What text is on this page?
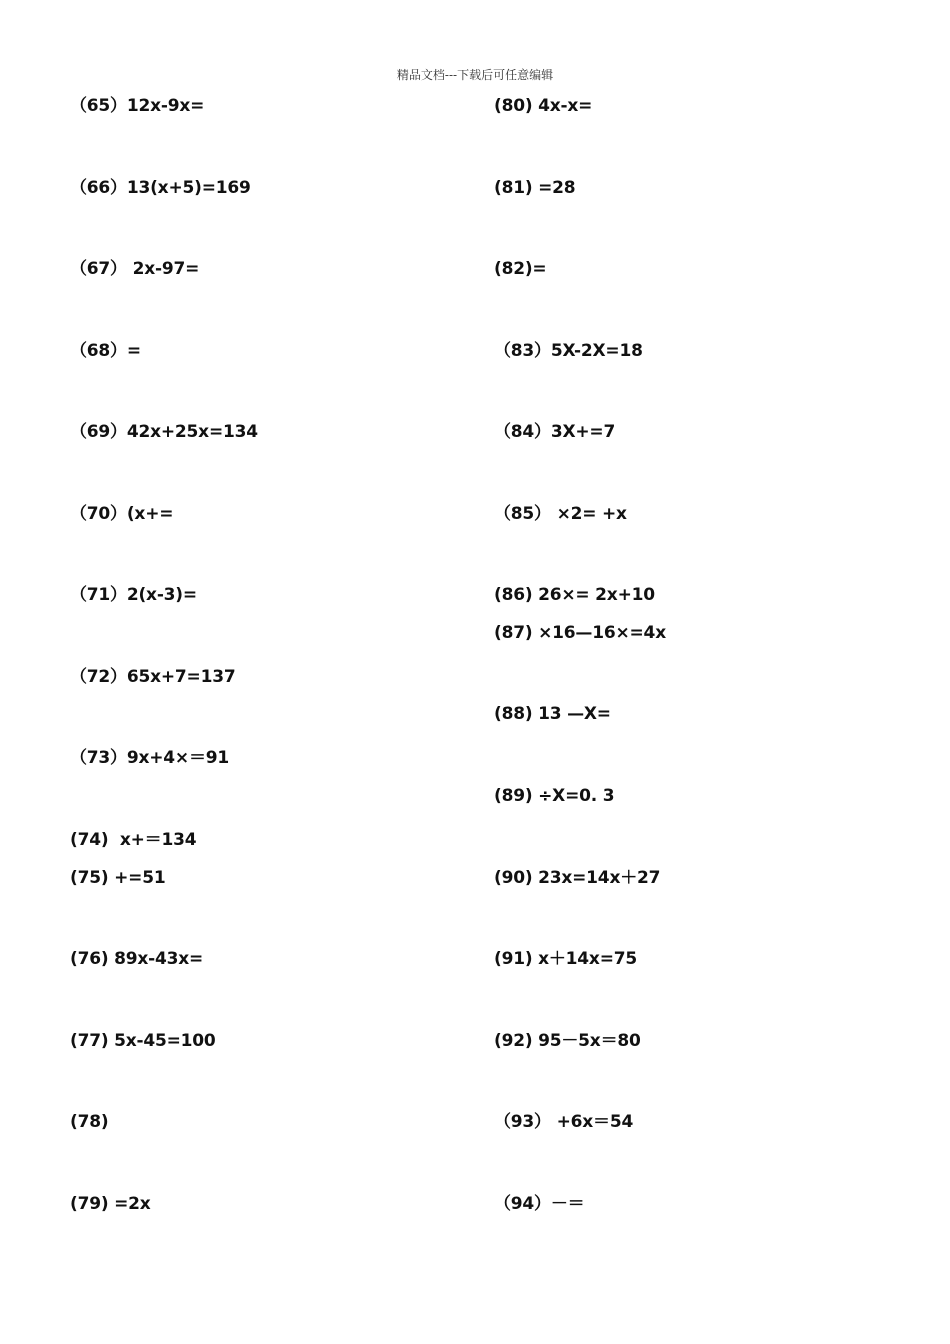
精品文档---下载后可任意编辑
（65）12x-9x=
（66）13(x+5)=169
（67） 2x-97=
（68）=
（69）42x+25x=134
（70）(x+=
（71）2(x-3)=
（72）65x+7=137
（73）9x+4×＝91
(74)  x+＝134
(75) +=51
(76) 89x-43x=
(77) 5x-45=100
(78)
(79) =2x
(80) 4x-x=
(81) =28
(82)=
（83）5X-2X=18
（84）3X+=7
（85） ×2= +x
(86) 26×= 2x+10
(87) ×16—16×=4x
(88) 13 —X=
(89) ÷X=0. 3
(90) 23x=14x＋27
(91) x＋14x=75
(92) 95－5x＝80
（93） +6x＝54
（94）－＝
